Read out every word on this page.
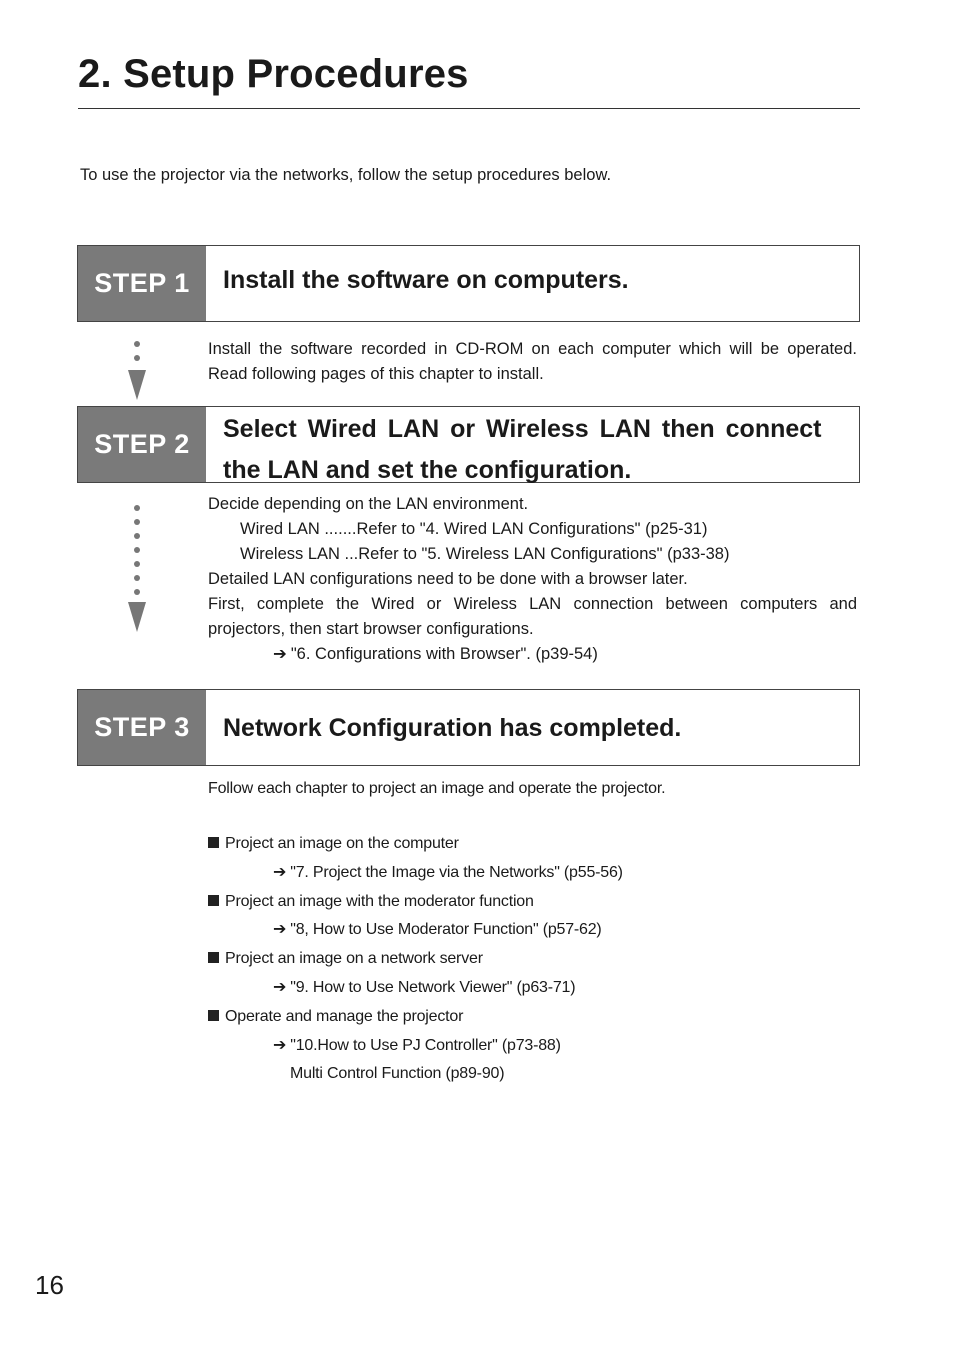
2. Setup Procedures
To use the projector via the networks, follow the setup procedures below.
STEP 1	Install the software on computers.
Install the software recorded in CD-ROM on each computer which will be operated. Read following pages of this chapter to install.
STEP 2	Select Wired LAN or Wireless LAN then connect
the LAN and set the configuration.
Decide depending on the LAN environment.
Wired LAN .......Refer to "4. Wired LAN Configurations" (p25-31)
Wireless LAN ...Refer to "5. Wireless LAN Configurations" (p33-38)
Detailed LAN configurations need to be done with a browser later.
First, complete the Wired or Wireless LAN connection between computers and projectors, then start browser configurations.
➔ "6. Configurations with Browser". (p39-54)
STEP 3	Network Configuration has completed.
Follow each chapter to project an image and operate the projector.
Project an image on the computer
➔ "7. Project the Image via the Networks" (p55-56)
Project an image with the moderator function
➔ "8, How to Use Moderator Function" (p57-62)
Project an image on a network server
➔ "9. How to Use Network Viewer" (p63-71)
Operate and manage the projector
➔ "10.How to Use PJ Controller" (p73-88)
Multi Control Function (p89-90)
16
